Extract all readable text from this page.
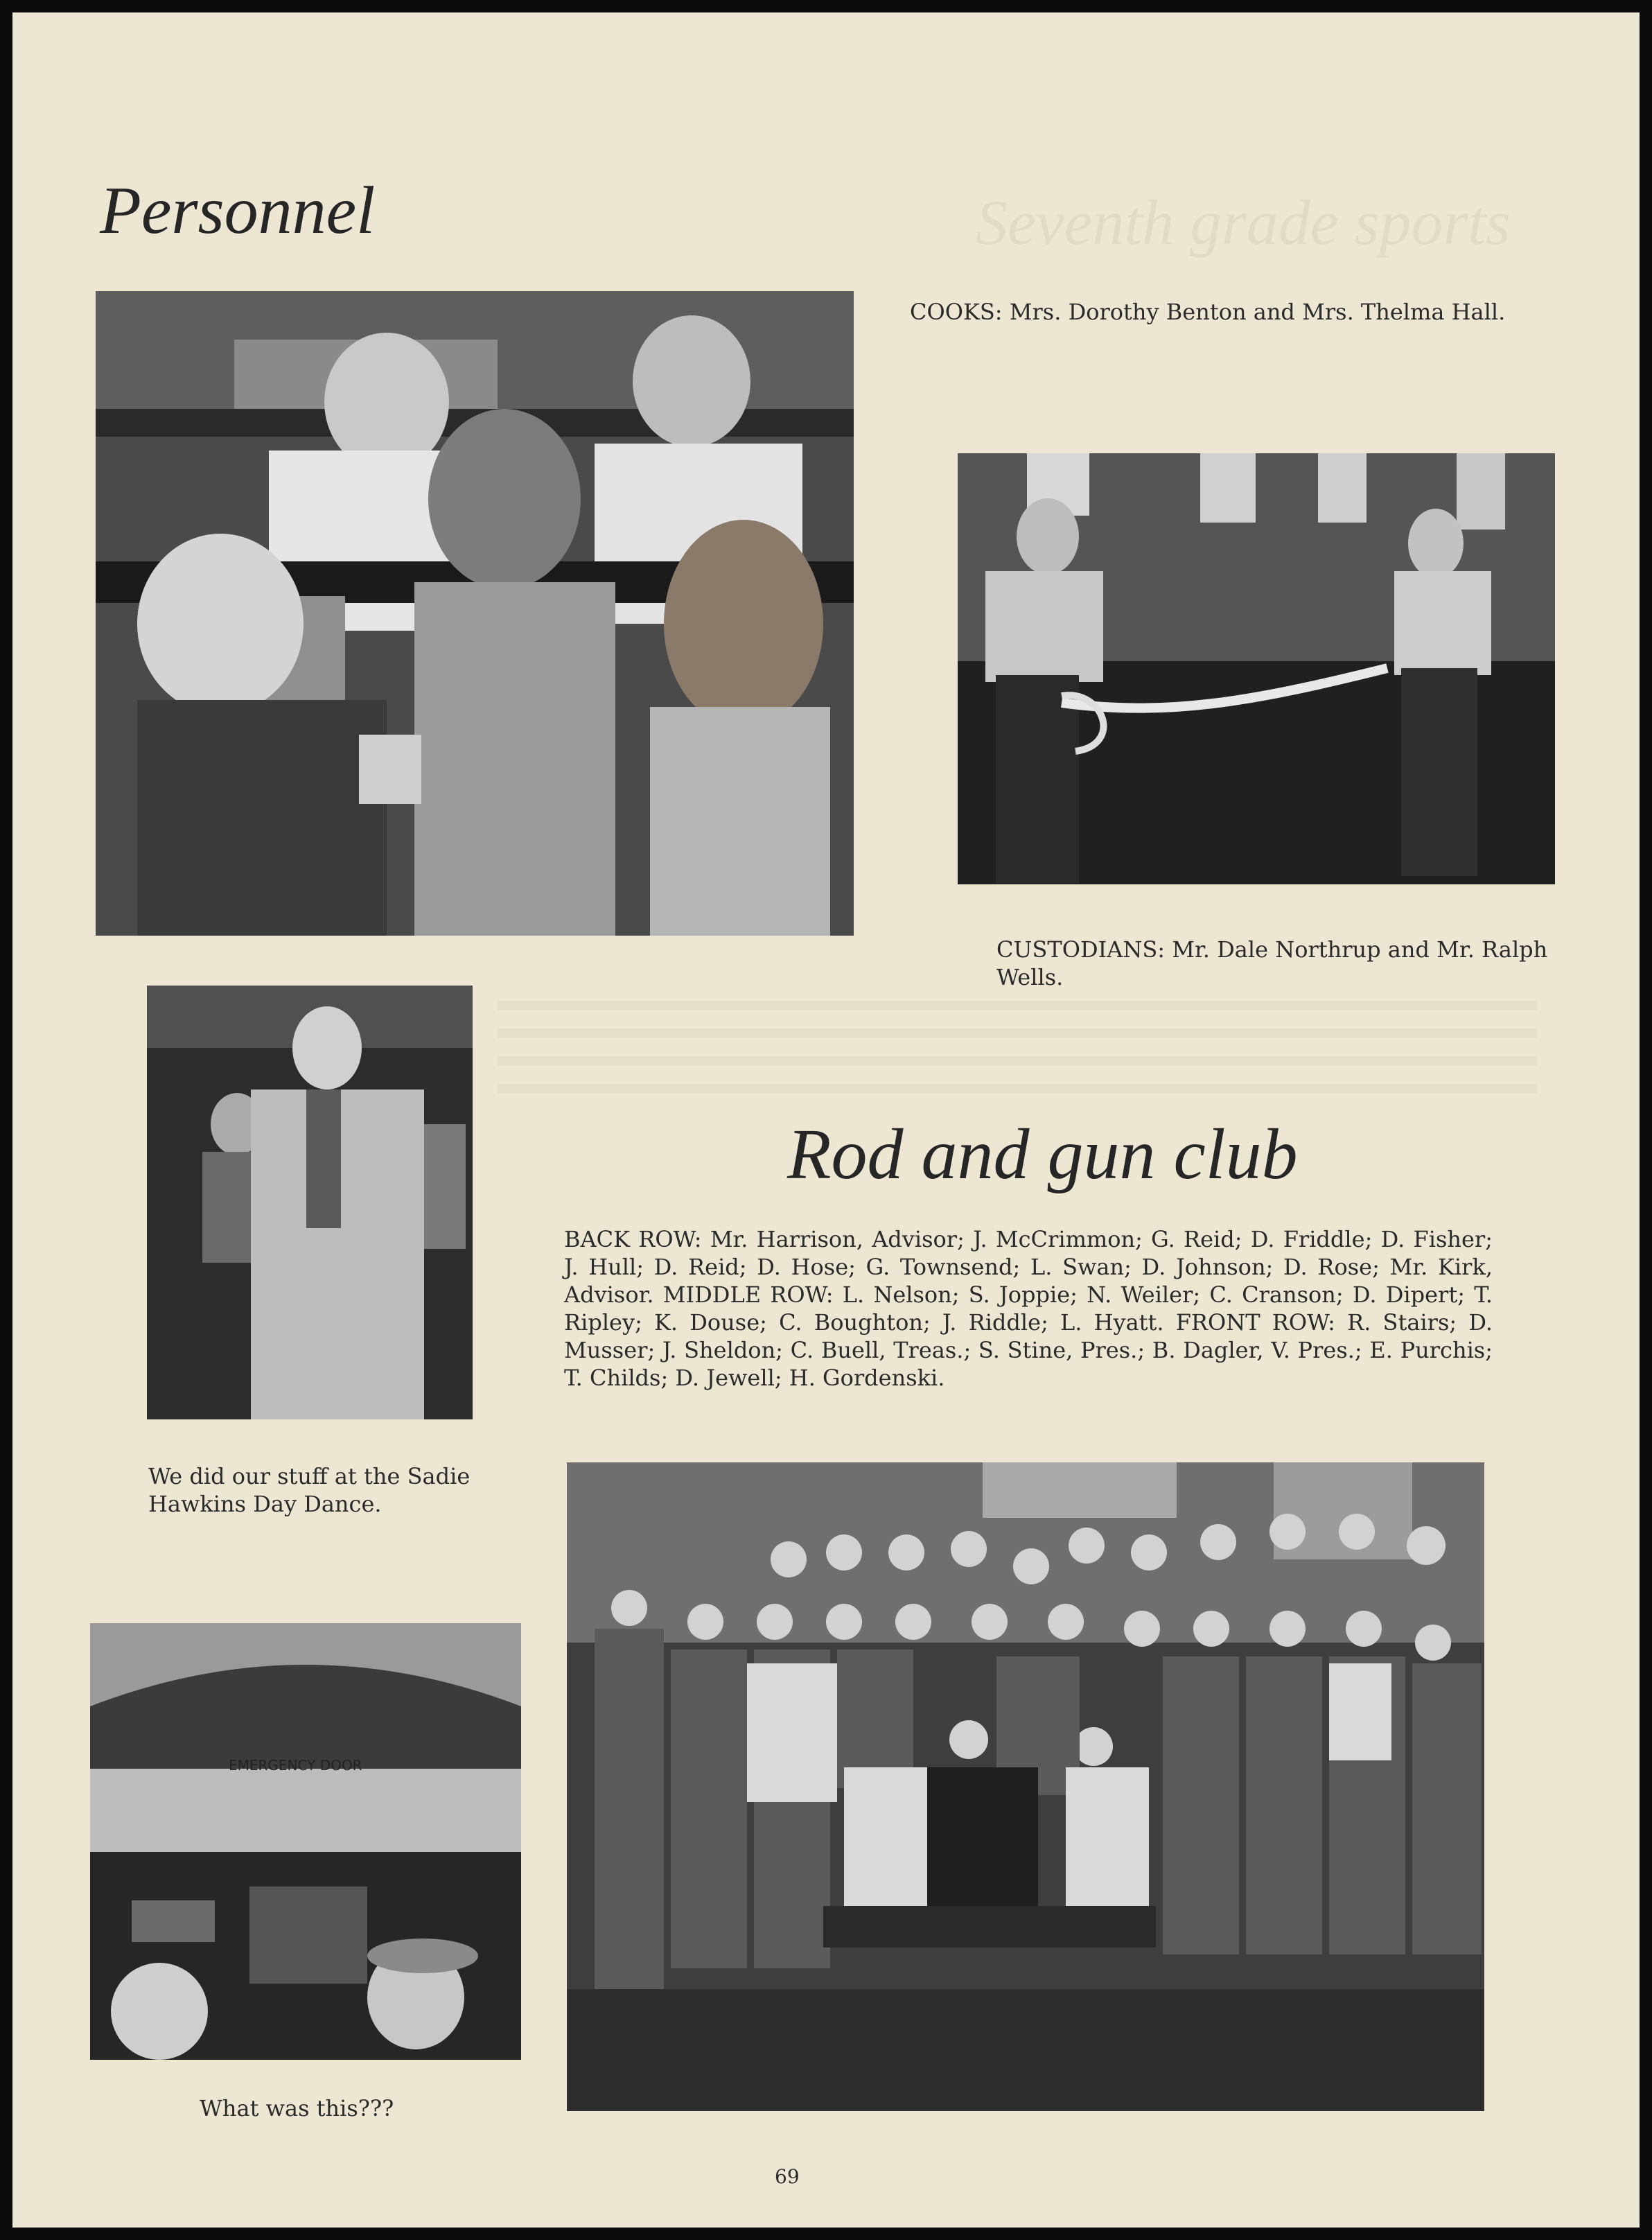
Seventh grade sports
Personnel

COOKS: Mrs. Dorothy Benton and Mrs. Thelma Hall.

CUSTODIANS: Mr. Dale Northrup and Mr. Ralph Wells.

We did our stuff at the Sadie Hawkins Day Dance.

EMERGENCY DOOR

What was this???

Rod and gun club

BACK ROW: Mr. Harrison, Advisor; J. McCrimmon; G. Reid; D. Friddle; D. Fisher; J. Hull; D. Reid; D. Hose; G. Townsend; L. Swan; D. Johnson; D. Rose; Mr. Kirk, Advisor. MIDDLE ROW: L. Nelson; S. Joppie; N. Weiler; C. Cranson; D. Dipert; T. Ripley; K. Douse; C. Boughton; J. Riddle; L. Hyatt. FRONT ROW: R. Stairs; D. Musser; J. Sheldon; C. Buell, Treas.; S. Stine, Pres.; B. Dagler, V. Pres.; E. Purchis; T. Childs; D. Jewell; H. Gordenski.

69
